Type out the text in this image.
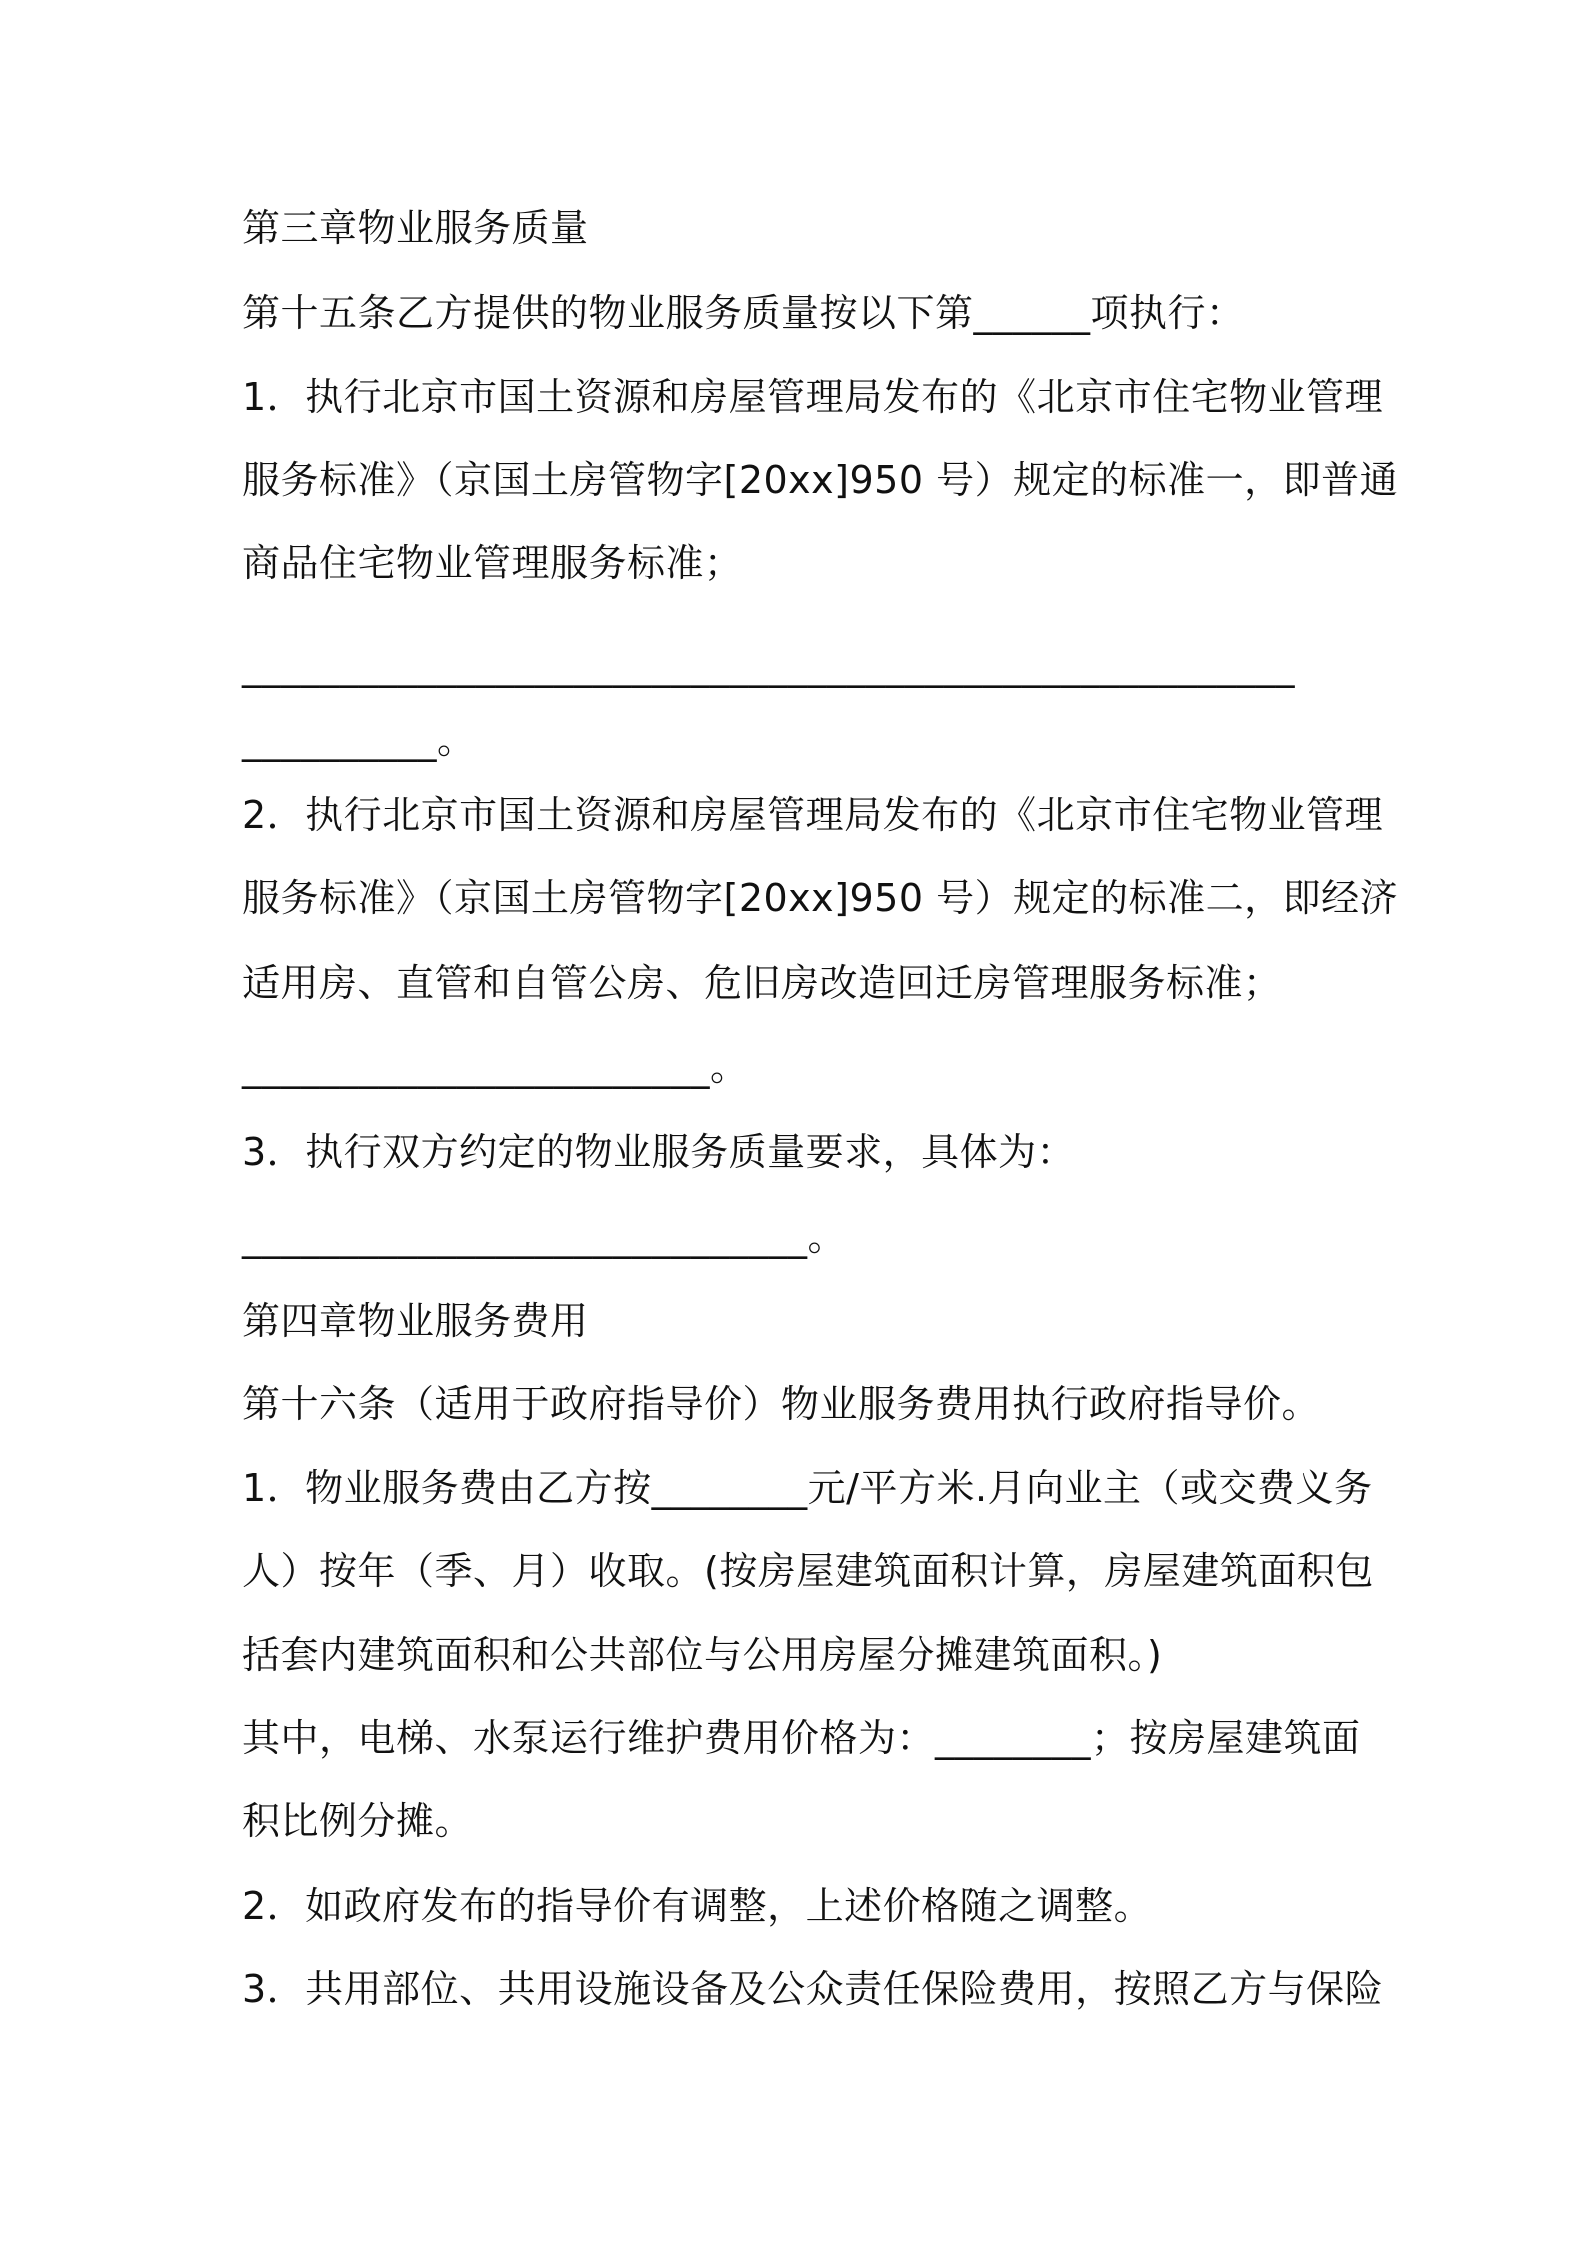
第三章物业服务质量
第十五条乙方提供的物业服务质量按以下第______项执行：
1．执行北京市国土资源和房屋管理局发布的《北京市住宅物业管理
服务标准》（京国土房管物字[20xx]950 号）规定的标准一，即普通
商品住宅物业管理服务标准；
______________________________________________________
__________。
2．执行北京市国土资源和房屋管理局发布的《北京市住宅物业管理
服务标准》（京国土房管物字[20xx]950 号）规定的标准二，即经济
适用房、直管和自管公房、危旧房改造回迁房管理服务标准；
________________________。
3．执行双方约定的物业服务质量要求，具体为：
_____________________________。
第四章物业服务费用
第十六条（适用于政府指导价）物业服务费用执行政府指导价。
1．物业服务费由乙方按________元/平方米.月向业主（或交费义务
人）按年（季、月）收取。(按房屋建筑面积计算，房屋建筑面积包
括套内建筑面积和公共部位与公用房屋分摊建筑面积。)
其中，电梯、水泵运行维护费用价格为：________；按房屋建筑面
积比例分摊。
2．如政府发布的指导价有调整，上述价格随之调整。
3．共用部位、共用设施设备及公众责任保险费用，按照乙方与保险
